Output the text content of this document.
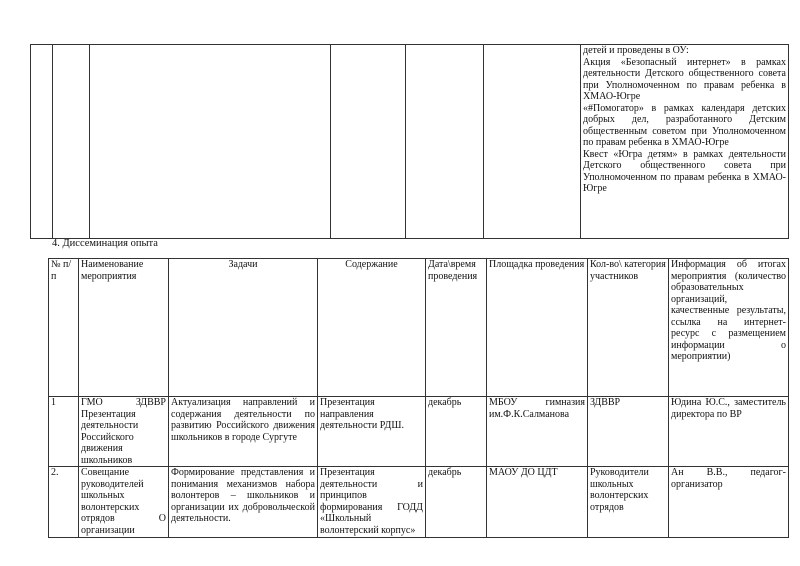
детей и проведены в ОУ:
Акция «Безопасный интернет» в рамках деятельности Детского общественного совета при Уполномоченном по правам ребенка в ХМАО-Югре
«#Помогатор» в рамках календаря детских добрых дел, разработанного Детским общественным советом при Уполномоченном по правам ребенка в ХМАО-Югре
Квест «Югра детям» в рамках деятельности Детского общественного совета при Уполномоченном по правам ребенка в ХМАО-Югре
4. Диссеминация опыта
№ п/п	Наименование мероприятия	Задачи	Содержание	Дата\время проведения	Площадка проведения	Кол-во\ категория участников	Информация об итогах мероприятия (количество образовательных организаций, качественные результаты, ссылка на интернет- ресурс с размещением информации о мероприятии)
1	ГМО ЗДВВР Презентация деятельности Российского движения школьников	Актуализация направлений и содержания деятельности по развитию Российского движения школьников в городе Сургуте	Презентация направления деятельности РДШ.	декабрь	МБОУ гимназия им.Ф.К.Салманова	ЗДВВР	Юдина Ю.С., заместитель директора по ВР
2.	Совещание руководителей школьных волонтерских отрядов О организации	Формирование представления и понимания механизмов набора волонтеров – школьников и организации их добровольческой деятельности.	Презентация деятельности и принципов формирования ГОДД «Школьный волонтерский корпус»	декабрь	МАОУ ДО ЦДТ	Руководители школьных волонтерских отрядов	Ан В.В., педагог-организатор
